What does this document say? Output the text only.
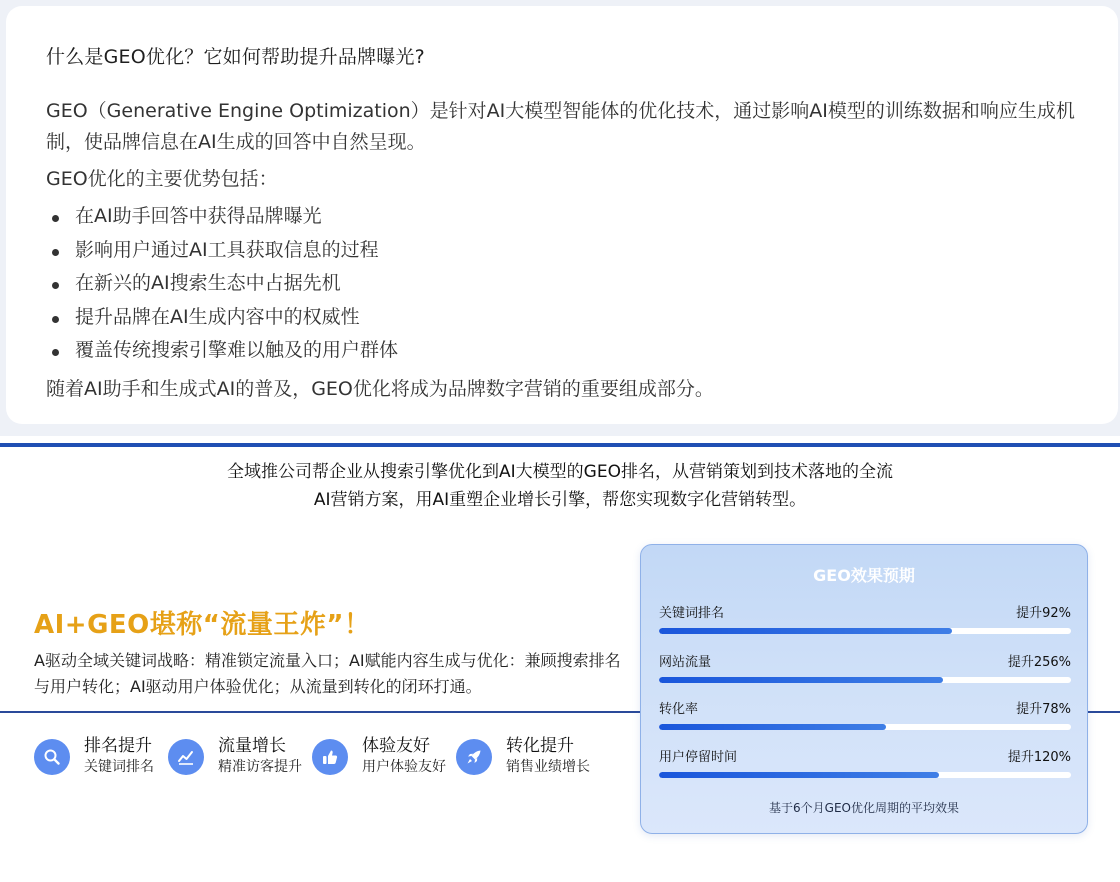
什么是GEO优化？它如何帮助提升品牌曝光?
GEO（Generative Engine Optimization）是针对AI大模型智能体的优化技术，通过影响AI模型的训练数据和响应生成机制，使品牌信息在AI生成的回答中自然呈现。
GEO优化的主要优势包括：
在AI助手回答中获得品牌曝光
影响用户通过AI工具获取信息的过程
在新兴的AI搜索生态中占据先机
提升品牌在AI生成内容中的权威性
覆盖传统搜索引擎难以触及的用户群体
随着AI助手和生成式AI的普及，GEO优化将成为品牌数字营销的重要组成部分。
全域推公司帮企业从搜索引擎优化到AI大模型的GEO排名，从营销策划到技术落地的全流
AI营销方案，用AI重塑企业增长引擎，帮您实现数字化营销转型。
AI+GEO堪称“流量王炸”！
A驱动全域关键词战略：精准锁定流量入口；AI赋能内容生成与优化：兼顾搜索排名与用户转化；AI驱动用户体验优化；从流量到转化的闭环打通。
排名提升
关键词排名
流量增长
精准访客提升
体验友好
用户体验友好
转化提升
销售业绩增长
GEO效果预期
关键词排名	提升92%
网站流量	提升256%
转化率	提升78%
用户停留时间	提升120%
基于6个月GEO优化周期的平均效果
